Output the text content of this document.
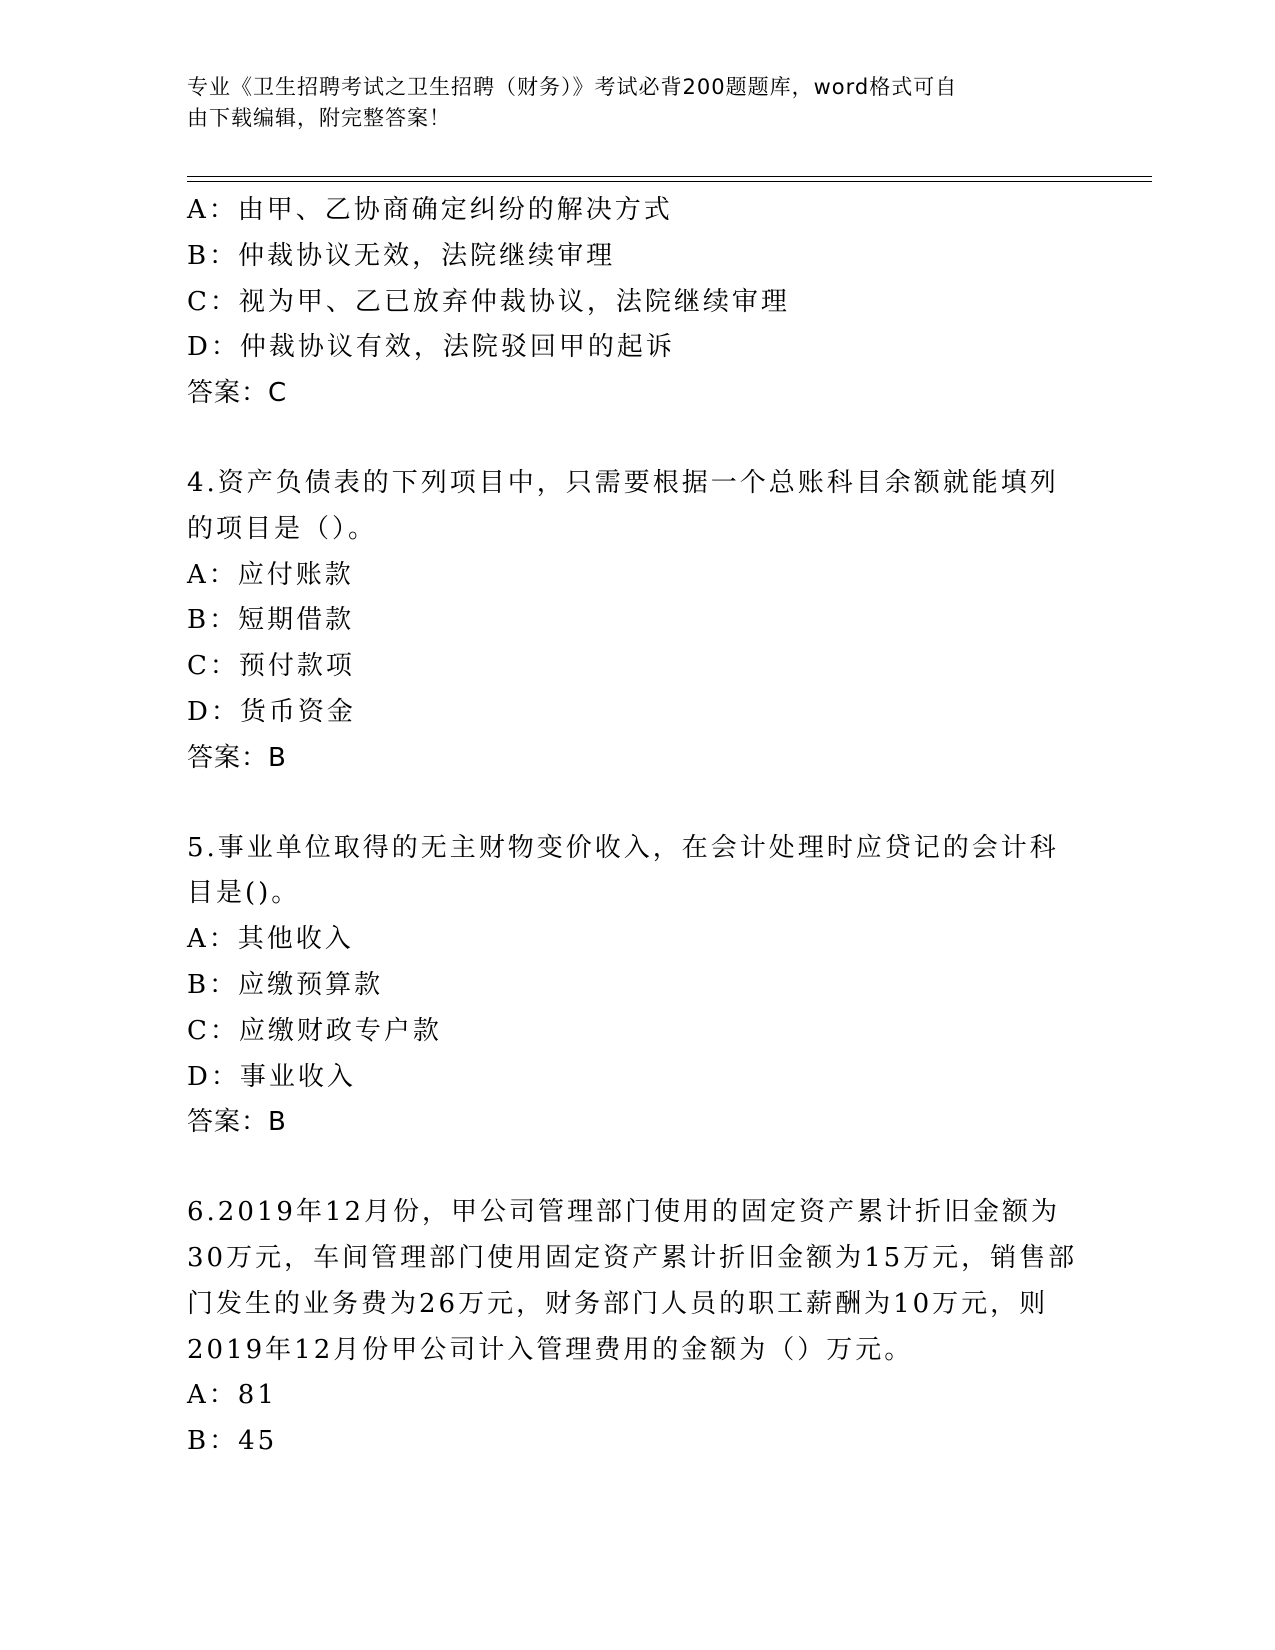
专业《卫生招聘考试之卫生招聘（财务）》考试必背200题题库，word格式可自
由下载编辑，附完整答案！
A：由甲、乙协商确定纠纷的解决方式
B：仲裁协议无效，法院继续审理
C：视为甲、乙已放弃仲裁协议，法院继续审理
D：仲裁协议有效，法院驳回甲的起诉
答案：C
4.资产负债表的下列项目中，只需要根据一个总账科目余额就能填列
的项目是（）。
A：应付账款
B：短期借款
C：预付款项
D：货币资金
答案：B
5.事业单位取得的无主财物变价收入，在会计处理时应贷记的会计科
目是()。
A：其他收入
B：应缴预算款
C：应缴财政专户款
D：事业收入
答案：B
6.2019年12月份，甲公司管理部门使用的固定资产累计折旧金额为
30万元，车间管理部门使用固定资产累计折旧金额为15万元，销售部
门发生的业务费为26万元，财务部门人员的职工薪酬为10万元，则
2019年12月份甲公司计入管理费用的金额为（）万元。
A：81
B：45
